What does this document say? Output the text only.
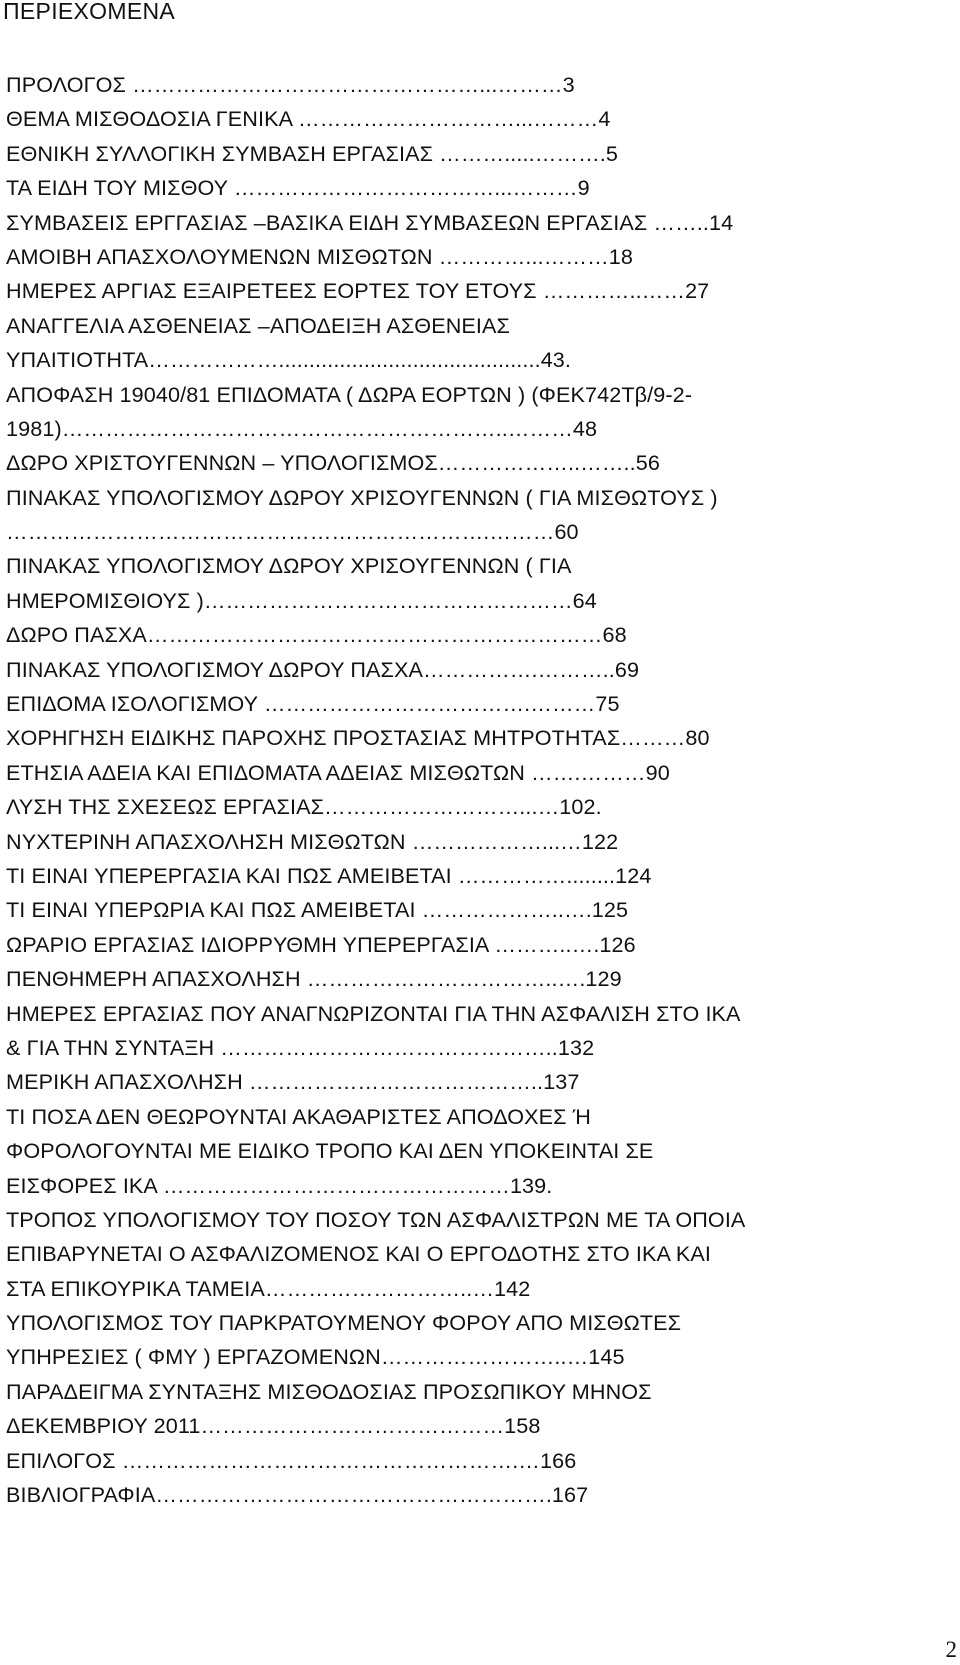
ΠΕΡΙΕΧΟΜΕΝΑ
ΠΡΟΛΟΓΟΣ …………………………………………...………3
ΘΕΜΑ ΜΙΣΘΟΔΟΣΙΑ ΓΕΝΙΚΑ …………………………...………4
ΕΘΝΙΚΗ ΣΥΛΛΟΓΙΚΗ ΣΥΜΒΑΣΗ ΕΡΓΑΣΙΑΣ ……….....……….5
ΤΑ ΕΙΔΗ ΤΟΥ ΜΙΣΘΟΥ ………………………………...………9
ΣΥΜΒΑΣΕΙΣ ΕΡΓΓΑΣΙΑΣ –ΒΑΣΙΚΑ ΕΙΔΗ ΣΥΜΒΑΣΕΩΝ ΕΡΓΑΣΙΑΣ ……..14
ΑΜΟΙΒΗ ΑΠΑΣΧΟΛΟΥΜΕΝΩΝ ΜΙΣΘΩΤΩΝ …………...………18
ΗΜΕΡΕΣ ΑΡΓΙΑΣ ΕΞΑΙΡΕΤΕΕΣ ΕΟΡΤΕΣ ΤΟΥ ΕΤΟΥΣ …………..……27
ΑΝΑΓΓΕΛΙΑ ΑΣΘΕΝΕΙΑΣ –ΑΠΟΔΕΙΞΗ ΑΣΘΕΝΕΙΑΣ
ΥΠΑΙΤΙΟΤΗΤΑ………………...........................................43.
ΑΠΟΦΑΣΗ 19040/81 ΕΠΙΔΟΜΑΤΑ ( ΔΩΡΑ ΕΟΡΤΩΝ ) (ΦΕΚ742Τβ/9-2-
1981)……………………………………………………..………48
ΔΩΡΟ ΧΡΙΣΤΟΥΓΕΝΝΩΝ – ΥΠΟΛΟΓΙΣΜΟΣ………………..……..56
ΠΙΝΑΚΑΣ ΥΠΟΛΟΓΙΣΜΟΥ ΔΩΡΟΥ ΧΡΙΣΟΥΓΕΝΝΩΝ ( ΓΙΑ ΜΙΣΘΩΤΟΥΣ )
………………………………………………………….………60
ΠΙΝΑΚΑΣ ΥΠΟΛΟΓΙΣΜΟΥ ΔΩΡΟΥ ΧΡΙΣΟΥΓΕΝΝΩΝ ( ΓΙΑ
ΗΜΕΡΟΜΙΣΘΙΟΥΣ )……………………………………………64
ΔΩΡΟ ΠΑΣΧΑ………………………………………………………68
ΠΙΝΑΚΑΣ ΥΠΟΛΟΓΙΣΜΟΥ ΔΩΡΟΥ ΠΑΣΧΑ…………….………..69
ΕΠΙΔΟΜΑ ΙΣΟΛΟΓΙΣΜΟΥ ……………………………….………75
ΧΟΡΗΓΗΣΗ ΕΙΔΙΚΗΣ ΠΑΡΟΧΗΣ ΠΡΟΣΤΑΣΙΑΣ ΜΗΤΡΟΤΗΤΑΣ………80
ΕΤΗΣΙΑ ΑΔΕΙΑ ΚΑΙ ΕΠΙΔΟΜΑΤΑ ΑΔΕΙΑΣ ΜΙΣΘΩΤΩΝ …….………90
ΛΥΣΗ ΤΗΣ ΣΧΕΣΕΩΣ ΕΡΓΑΣΙΑΣ………………………...…102.
ΝΥΧΤΕΡΙΝΗ ΑΠΑΣΧΟΛΗΣΗ ΜΙΣΘΩΤΩΝ ………………...…122
ΤΙ ΕΙΝΑΙ ΥΠΕΡΕΡΓΑΣΙΑ ΚΑΙ ΠΩΣ ΑΜΕΙΒΕΤΑΙ ……………........124
ΤΙ ΕΙΝΑΙ ΥΠΕΡΩΡΙΑ ΚΑΙ ΠΩΣ ΑΜΕΙΒΕΤΑΙ ………………..….125
ΩΡΑΡΙΟ ΕΡΓΑΣΙΑΣ ΙΔΙΟΡΡΥΘΜΗ ΥΠΕΡΕΡΓΑΣΙΑ ………..….126
ΠΕΝΘΗΜΕΡΗ ΑΠΑΣΧΟΛΗΣΗ ……………………………..….129
ΗΜΕΡΕΣ ΕΡΓΑΣΙΑΣ ΠΟΥ ΑΝΑΓΝΩΡΙΖΟΝΤΑΙ ΓΙΑ ΤΗΝ ΑΣΦΑΛΙΣΗ ΣΤΟ ΙΚΑ
& ΓΙΑ ΤΗΝ ΣΥΝΤΑΞΗ ………………………………………..132
ΜΕΡΙΚΗ ΑΠΑΣΧΟΛΗΣΗ …………………………………..137
ΤΙ ΠΟΣΑ ΔΕΝ ΘΕΩΡΟΥΝΤΑΙ ΑΚΑΘΑΡΙΣΤΕΣ ΑΠΟΔΟΧΕΣ Ή
ΦΟΡΟΛΟΓΟΥΝΤΑΙ ΜΕ ΕΙΔΙΚΟ ΤΡΟΠΟ ΚΑΙ ΔΕΝ ΥΠΟΚΕΙΝΤΑΙ ΣΕ
ΕΙΣΦΟΡΕΣ ΙΚΑ …………………………………………139.
ΤΡΟΠΟΣ ΥΠΟΛΟΓΙΣΜΟΥ ΤΟΥ ΠΟΣΟΥ ΤΩΝ ΑΣΦΑΛΙΣΤΡΩΝ ΜΕ ΤΑ ΟΠΟΙΑ
ΕΠΙΒΑΡΥΝΕΤΑΙ Ο ΑΣΦΑΛΙΖΟΜΕΝΟΣ ΚΑΙ Ο ΕΡΓΟΔΟΤΗΣ ΣΤΟ ΙΚΑ ΚΑΙ
ΣΤΑ ΕΠΙΚΟΥΡΙΚΑ ΤΑΜΕΙΑ………………………..…142
ΥΠΟΛΟΓΙΣΜΟΣ ΤΟΥ ΠΑΡΚΡΑΤΟΥΜΕΝΟΥ ΦΟΡΟΥ ΑΠΟ ΜΙΣΘΩΤΕΣ
ΥΠΗΡΕΣΙΕΣ ( ΦΜΥ ) ΕΡΓΑΖΟΜΕΝΩΝ……………………..…145
ΠΑΡΑΔΕΙΓΜΑ ΣΥΝΤΑΞΗΣ ΜΙΣΘΟΔΟΣΙΑΣ ΠΡΟΣΩΠΙΚΟΥ ΜΗΝΟΣ
ΔΕΚΕΜΒΡΙΟΥ 2011……………………………………158
ΕΠΙΛΟΓΟΣ ……………………………………………….…166
ΒΙΒΛΙΟΓΡΑΦΙΑ……………………………………………….167
2
